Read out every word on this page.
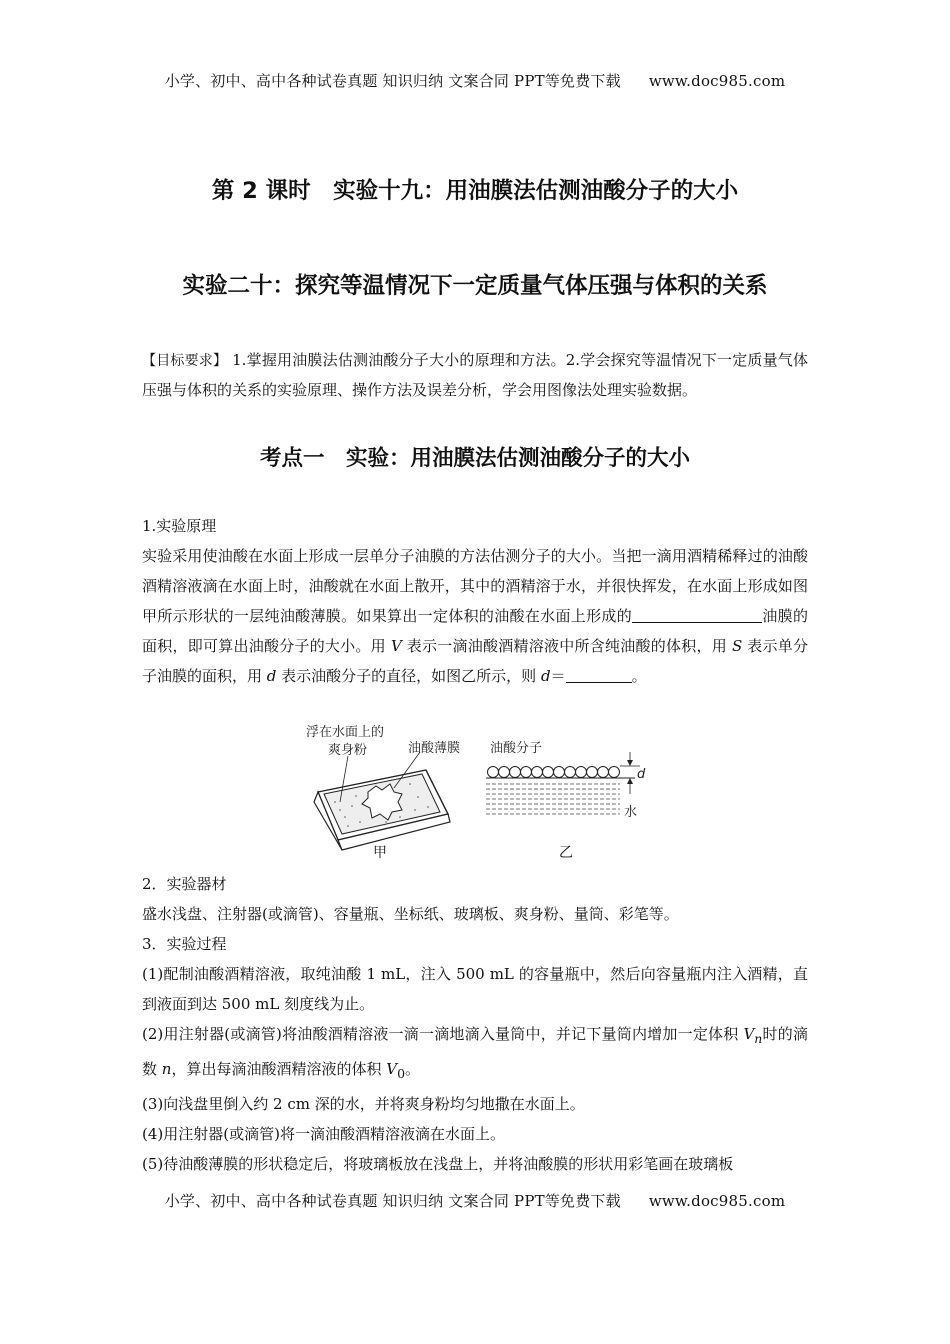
小学、初中、高中各种试卷真题 知识归纳 文案合同 PPT等免费下载 www.doc985.com
第 2 课时　实验十九：用油膜法估测油酸分子的大小
实验二十：探究等温情况下一定质量气体压强与体积的关系
【目标要求】 1.掌握用油膜法估测油酸分子大小的原理和方法。2.学会探究等温情况下一定质量气体压强与体积的关系的实验原理、操作方法及误差分析，学会用图像法处理实验数据。
考点一　实验：用油膜法估测油酸分子的大小

1.实验原理

实验采用使油酸在水面上形成一层单分子油膜的方法估测分子的大小。当把一滴用酒精稀释过的油酸酒精溶液滴在水面上时，油酸就在水面上散开，其中的酒精溶于水，并很快挥发，在水面上形成如图甲所示形状的一层纯油酸薄膜。如果算出一定体积的油酸在水面上形成的	油膜的面积，即可算出油酸分子的大小。用 V 表示一滴油酸酒精溶液中所含纯油酸的体积，用 S 表示单分子油膜的面积，用 d 表示油酸分子的直径，如图乙所示，则 d＝	。

浮在水面上的
爽身粉	油酸薄膜 油酸分子
d
水
甲	乙

2．实验器材

盛水浅盘、注射器(或滴管)、容量瓶、坐标纸、玻璃板、爽身粉、量筒、彩笔等。

3．实验过程

(1)配制油酸酒精溶液，取纯油酸 1 mL，注入 500 mL 的容量瓶中，然后向容量瓶内注入酒精，直到液面到达 500 mL 刻度线为止。

(2)用注射器(或滴管)将油酸酒精溶液一滴一滴地滴入量筒中，并记下量筒内增加一定体积 $V_n$时的滴数 n，算出每滴油酸酒精溶液的体积 $V_0$。

(3)向浅盘里倒入约 2 cm 深的水，并将爽身粉均匀地撒在水面上。

(4)用注射器(或滴管)将一滴油酸酒精溶液滴在水面上。

(5)待油酸薄膜的形状稳定后，将玻璃板放在浅盘上，并将油酸膜的形状用彩笔画在玻璃板

小学、初中、高中各种试卷真题 知识归纳 文案合同 PPT等免费下载 www.doc985.com
